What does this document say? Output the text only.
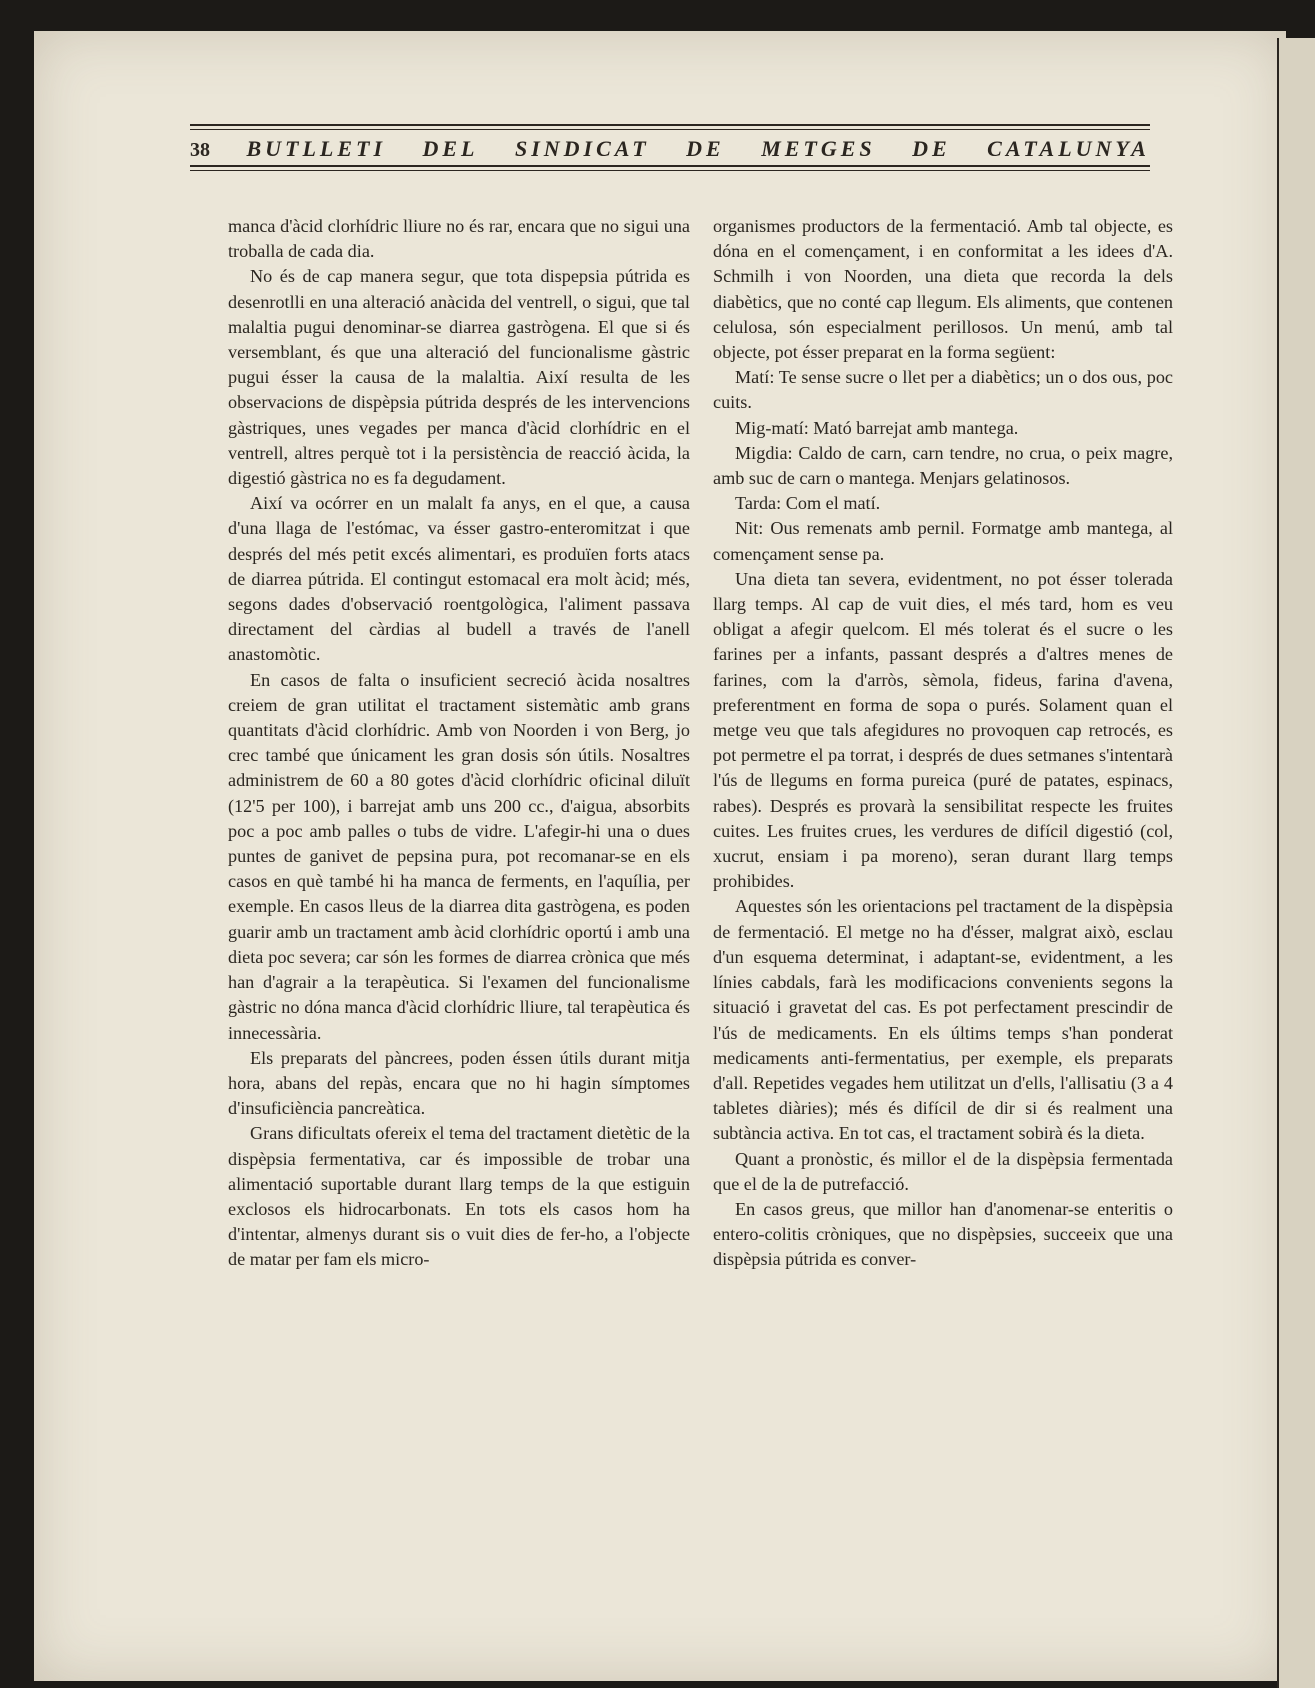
38 BUTLLETI DEL SINDICAT DE METGES DE CATALUNYA

manca d'àcid clorhídric lliure no és rar, encara que no sigui una troballa de cada dia.

No és de cap manera segur, que tota dispepsia pútrida es desenrotlli en una alteració anàcida del ventrell, o sigui, que tal malaltia pugui denominar-se diarrea gastrògena. El que si és versemblant, és que una alteració del funcionalisme gàstric pugui ésser la causa de la malaltia. Així resulta de les observacions de dispèpsia pútrida després de les intervencions gàstriques, unes vegades per manca d'àcid clorhídric en el ventrell, altres perquè tot i la persistència de reacció àcida, la digestió gàstrica no es fa degudament.

Així va ocórrer en un malalt fa anys, en el que, a causa d'una llaga de l'estómac, va ésser gastro-enteromitzat i que després del més petit excés alimentari, es produïen forts atacs de diarrea pútrida. El contingut estomacal era molt àcid; més, segons dades d'observació roentgològica, l'aliment passava directament del càrdias al budell a través de l'anell anastomòtic.

En casos de falta o insuficient secreció àcida nosaltres creiem de gran utilitat el tractament sistemàtic amb grans quantitats d'àcid clorhídric. Amb von Noorden i von Berg, jo crec també que únicament les gran dosis són útils. Nosaltres administrem de 60 a 80 gotes d'àcid clorhídric oficinal diluït (12'5 per 100), i barrejat amb uns 200 cc., d'aigua, absorbits poc a poc amb palles o tubs de vidre. L'afegir-hi una o dues puntes de ganivet de pepsina pura, pot recomanar-se en els casos en què també hi ha manca de ferments, en l'aquília, per exemple. En casos lleus de la diarrea dita gastrògena, es poden guarir amb un tractament amb àcid clorhídric oportú i amb una dieta poc severa; car són les formes de diarrea crònica que més han d'agrair a la terapèutica. Si l'examen del funcionalisme gàstric no dóna manca d'àcid clorhídric lliure, tal terapèutica és innecessària.

Els preparats del pàncrees, poden éssen útils durant mitja hora, abans del repàs, encara que no hi hagin símptomes d'insuficiència pancreàtica.

Grans dificultats ofereix el tema del tractament dietètic de la dispèpsia fermentativa, car és impossible de trobar una alimentació suportable durant llarg temps de la que estiguin exclosos els hidrocarbonats. En tots els casos hom ha d'intentar, almenys durant sis o vuit dies de fer-ho, a l'objecte de matar per fam els micro-

organismes productors de la fermentació. Amb tal objecte, es dóna en el començament, i en conformitat a les idees d'A. Schmilh i von Noorden, una dieta que recorda la dels diabètics, que no conté cap llegum. Els aliments, que contenen celulosa, són especialment perillosos. Un menú, amb tal objecte, pot ésser preparat en la forma següent:

Matí: Te sense sucre o llet per a diabètics; un o dos ous, poc cuits.

Mig-matí: Mató barrejat amb mantega.

Migdia: Caldo de carn, carn tendre, no crua, o peix magre, amb suc de carn o mantega. Menjars gelatinosos.

Tarda: Com el matí.

Nit: Ous remenats amb pernil. Formatge amb mantega, al començament sense pa.

Una dieta tan severa, evidentment, no pot ésser tolerada llarg temps. Al cap de vuit dies, el més tard, hom es veu obligat a afegir quelcom. El més tolerat és el sucre o les farines per a infants, passant després a d'altres menes de farines, com la d'arròs, sèmola, fideus, farina d'avena, preferentment en forma de sopa o purés. Solament quan el metge veu que tals afegidures no provoquen cap retrocés, es pot permetre el pa torrat, i després de dues setmanes s'intentarà l'ús de llegums en forma pureica (puré de patates, espinacs, rabes). Després es provarà la sensibilitat respecte les fruites cuites. Les fruites crues, les verdures de difícil digestió (col, xucrut, ensiam i pa moreno), seran durant llarg temps prohibides.

Aquestes són les orientacions pel tractament de la dispèpsia de fermentació. El metge no ha d'ésser, malgrat això, esclau d'un esquema determinat, i adaptant-se, evidentment, a les línies cabdals, farà les modificacions convenients segons la situació i gravetat del cas. Es pot perfectament prescindir de l'ús de medicaments. En els últims temps s'han ponderat medicaments anti-fermentatius, per exemple, els preparats d'all. Repetides vegades hem utilitzat un d'ells, l'allisatiu (3 a 4 tabletes diàries); més és difícil de dir si és realment una subtància activa. En tot cas, el tractament sobirà és la dieta.

Quant a pronòstic, és millor el de la dispèpsia fermentada que el de la de putrefacció.

En casos greus, que millor han d'anomenar-se enteritis o entero-colitis cròniques, que no dispèpsies, succeeix que una dispèpsia pútrida es conver-
